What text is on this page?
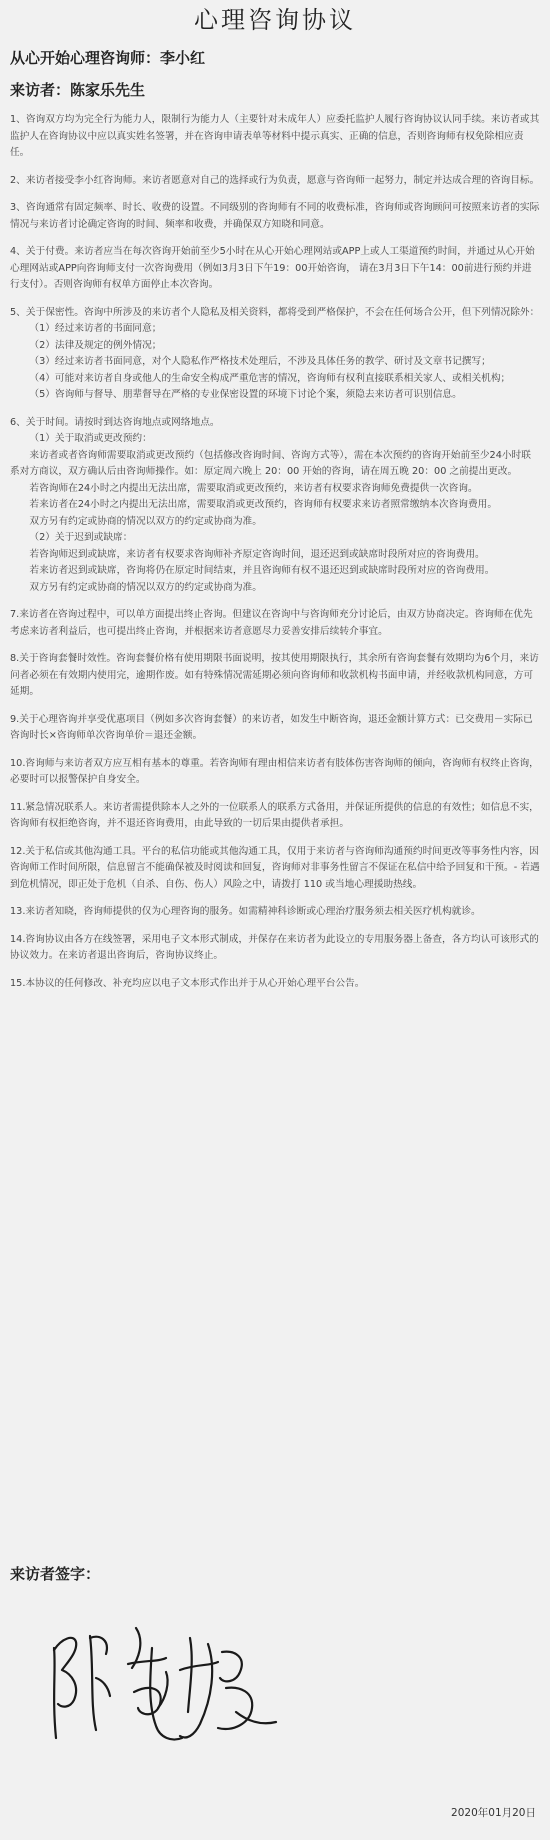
心理咨询协议

从心开始心理咨询师：李小红

来访者：陈家乐先生

1、咨询双方均为完全行为能力人，限制行为能力人（主要针对未成年人）应委托监护人履行咨询协议认同手续。来访者或其监护人在咨询协议中应以真实姓名签署，并在咨询申请表单等材料中提示真实、正确的信息，否则咨询师有权免除相应责任。

2、来访者接受李小红咨询师。来访者愿意对自己的选择或行为负责，愿意与咨询师一起努力，制定并达成合理的咨询目标。

3、咨询通常有固定频率、时长、收费的设置。不同级别的咨询师有不同的收费标准，咨询师或咨询顾问可按照来访者的实际情况与来访者讨论确定咨询的时间、频率和收费，并确保双方知晓和同意。

4、关于付费。来访者应当在每次咨询开始前至少5小时在从心开始心理网站或APP上或人工渠道预约时间，并通过从心开始心理网站或APP向咨询师支付一次咨询费用（例如3月3日下午19：00开始咨询， 请在3月3日下午14：00前进行预约并进行支付）。否则咨询师有权单方面停止本次咨询。

5、关于保密性。咨询中所涉及的来访者个人隐私及相关资料，都将受到严格保护，不会在任何场合公开，但下列情况除外：

（1）经过来访者的书面同意；

（2）法律及规定的例外情况；

（3）经过来访者书面同意，对个人隐私作严格技术处理后，不涉及具体任务的教学、研讨及文章书记撰写；

（4）可能对来访者自身或他人的生命安全构成严重危害的情况，咨询师有权利直接联系相关家人、或相关机构；

（5）咨询师与督导、朋辈督导在严格的专业保密设置的环境下讨论个案，须隐去来访者可识别信息。

6、关于时间。请按时到达咨询地点或网络地点。

（1）关于取消或更改预约：

来访者或者咨询师需要取消或更改预约（包括修改咨询时间、咨询方式等），需在本次预约的咨询开始前至少24小时联系对方商议，双方确认后由咨询师操作。如：原定周六晚上 20：00 开始的咨询，请在周五晚 20：00 之前提出更改。

若咨询师在24小时之内提出无法出席，需要取消或更改预约，来访者有权要求咨询师免费提供一次咨询。

若来访者在24小时之内提出无法出席，需要取消或更改预约，咨询师有权要求来访者照常缴纳本次咨询费用。

双方另有约定或协商的情况以双方的约定或协商为准。

（2）关于迟到或缺席：

若咨询师迟到或缺席，来访者有权要求咨询师补齐原定咨询时间，退还迟到或缺席时段所对应的咨询费用。

若来访者迟到或缺席，咨询将仍在原定时间结束，并且咨询师有权不退还迟到或缺席时段所对应的咨询费用。

双方另有约定或协商的情况以双方的约定或协商为准。

7.来访者在咨询过程中，可以单方面提出终止咨询。但建议在咨询中与咨询师充分讨论后，由双方协商决定。咨询师在优先考虑来访者利益后，也可提出终止咨询，并根据来访者意愿尽力妥善安排后续转介事宜。

8.关于咨询套餐时效性。咨询套餐价格有使用期限书面说明，按其使用期限执行，其余所有咨询套餐有效期均为6个月，来访问者必须在有效期内使用完，逾期作废。如有特殊情况需延期必须向咨询师和收款机构书面申请，并经收款机构同意，方可延期。

9.关于心理咨询并享受优惠项目（例如多次咨询套餐）的来访者，如发生中断咨询，退还金额计算方式：已交费用－实际已咨询时长×咨询师单次咨询单价＝退还金额。

10.咨询师与来访者双方应互相有基本的尊重。若咨询师有理由相信来访者有肢体伤害咨询师的倾向，咨询师有权终止咨询，必要时可以报警保护自身安全。

11.紧急情况联系人。来访者需提供除本人之外的一位联系人的联系方式备用，并保证所提供的信息的有效性；如信息不实，咨询师有权拒绝咨询，并不退还咨询费用，由此导致的一切后果由提供者承担。

12.关于私信或其他沟通工具。平台的私信功能或其他沟通工具，仅用于来访者与咨询师沟通预约时间更改等事务性内容，因咨询师工作时间所限，信息留言不能确保被及时阅读和回复，咨询师对非事务性留言不保证在私信中给予回复和干预。- 若遇到危机情况，即正处于危机（自杀、自伤、伤人）风险之中，请拨打 110 或当地心理援助热线。

13.来访者知晓，咨询师提供的仅为心理咨询的服务。如需精神科诊断或心理治疗服务须去相关医疗机构就诊。

14.咨询协议由各方在线签署，采用电子文本形式制成，并保存在来访者为此设立的专用服务器上备查，各方均认可该形式的协议效力。在来访者退出咨询后，咨询协议终止。

15.本协议的任何修改、补充均应以电子文本形式作出并于从心开始心理平台公告。

来访者签字：

2020年01月20日
